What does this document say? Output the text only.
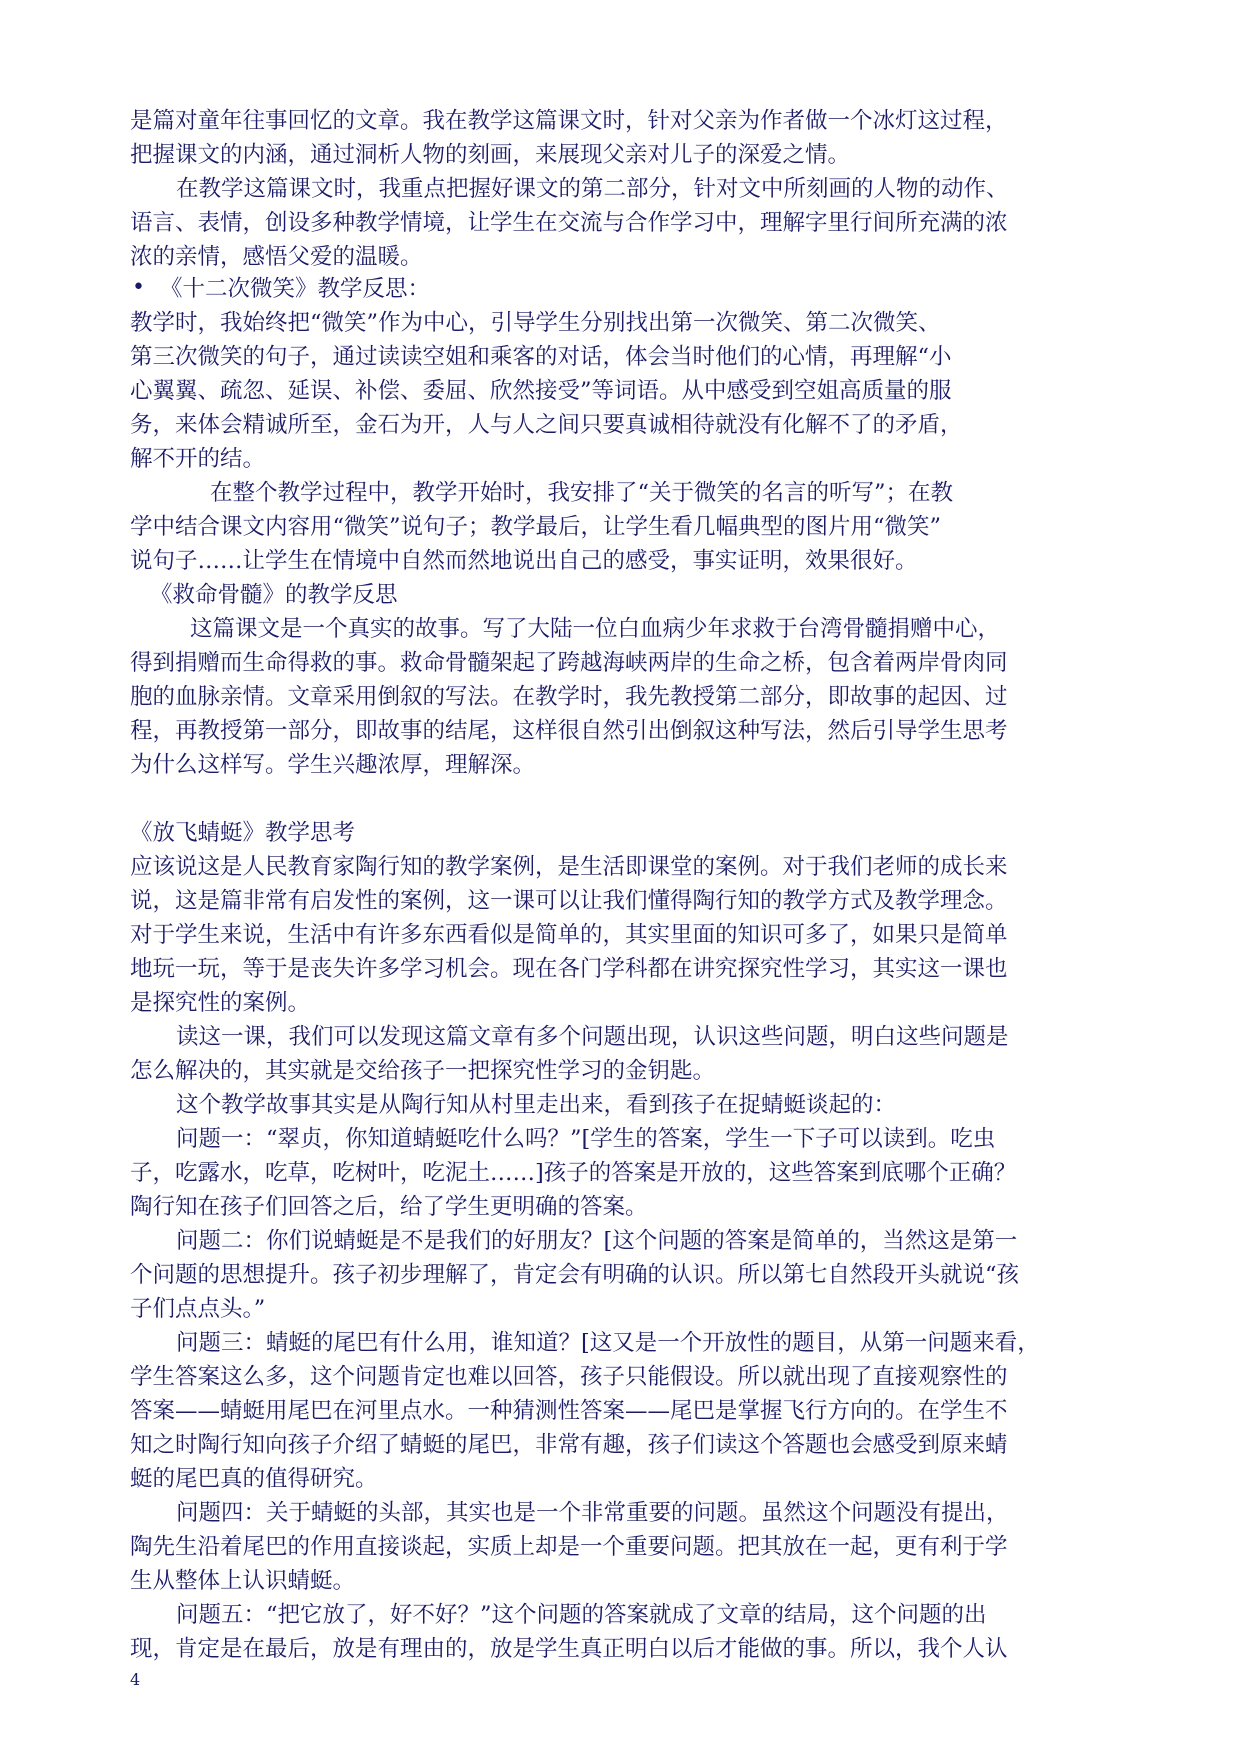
是篇对童年往事回忆的文章。我在教学这篇课文时，针对父亲为作者做一个冰灯这过程，
把握课文的内涵，通过洞析人物的刻画，来展现父亲对儿子的深爱之情。
在教学这篇课文时，我重点把握好课文的第二部分，针对文中所刻画的人物的动作、
语言、表情，创设多种教学情境，让学生在交流与合作学习中，理解字里行间所充满的浓
浓的亲情，感悟父爱的温暖。
• 《十二次微笑》教学反思：
教学时，我始终把“微笑”作为中心，引导学生分别找出第一次微笑、第二次微笑、
第三次微笑的句子，通过读读空姐和乘客的对话，体会当时他们的心情，再理解“小
心翼翼、疏忽、延误、补偿、委屈、欣然接受”等词语。从中感受到空姐高质量的服
务，来体会精诚所至，金石为开，人与人之间只要真诚相待就没有化解不了的矛盾，
解不开的结。
在整个教学过程中，教学开始时，我安排了“关于微笑的名言的听写”；在教
学中结合课文内容用“微笑”说句子；教学最后，让学生看几幅典型的图片用“微笑”
说句子……让学生在情境中自然而然地说出自己的感受，事实证明，效果很好。
《救命骨髓》的教学反思
这篇课文是一个真实的故事。写了大陆一位白血病少年求救于台湾骨髓捐赠中心，
得到捐赠而生命得救的事。救命骨髓架起了跨越海峡两岸的生命之桥，包含着两岸骨肉同
胞的血脉亲情。文章采用倒叙的写法。在教学时，我先教授第二部分，即故事的起因、过
程，再教授第一部分，即故事的结尾，这样很自然引出倒叙这种写法，然后引导学生思考
为什么这样写。学生兴趣浓厚，理解深。
《放飞蜻蜓》教学思考
应该说这是人民教育家陶行知的教学案例，是生活即课堂的案例。对于我们老师的成长来
说，这是篇非常有启发性的案例，这一课可以让我们懂得陶行知的教学方式及教学理念。
对于学生来说，生活中有许多东西看似是简单的，其实里面的知识可多了，如果只是简单
地玩一玩，等于是丧失许多学习机会。现在各门学科都在讲究探究性学习，其实这一课也
是探究性的案例。
读这一课，我们可以发现这篇文章有多个问题出现，认识这些问题，明白这些问题是
怎么解决的，其实就是交给孩子一把探究性学习的金钥匙。
这个教学故事其实是从陶行知从村里走出来，看到孩子在捉蜻蜓谈起的：
问题一：“翠贞，你知道蜻蜓吃什么吗？”[学生的答案，学生一下子可以读到。吃虫
子，吃露水，吃草，吃树叶，吃泥土……]孩子的答案是开放的，这些答案到底哪个正确？
陶行知在孩子们回答之后，给了学生更明确的答案。
问题二：你们说蜻蜓是不是我们的好朋友？[这个问题的答案是简单的，当然这是第一
个问题的思想提升。孩子初步理解了，肯定会有明确的认识。所以第七自然段开头就说“孩
子们点点头。”
问题三：蜻蜓的尾巴有什么用，谁知道？[这又是一个开放性的题目，从第一问题来看，
学生答案这么多，这个问题肯定也难以回答，孩子只能假设。所以就出现了直接观察性的
答案——蜻蜓用尾巴在河里点水。一种猜测性答案——尾巴是掌握飞行方向的。在学生不
知之时陶行知向孩子介绍了蜻蜓的尾巴，非常有趣，孩子们读这个答题也会感受到原来蜻
蜓的尾巴真的值得研究。
问题四：关于蜻蜓的头部，其实也是一个非常重要的问题。虽然这个问题没有提出，
陶先生沿着尾巴的作用直接谈起，实质上却是一个重要问题。把其放在一起，更有利于学
生从整体上认识蜻蜓。
问题五：“把它放了，好不好？”这个问题的答案就成了文章的结局，这个问题的出
现，肯定是在最后，放是有理由的，放是学生真正明白以后才能做的事。所以，我个人认
4
